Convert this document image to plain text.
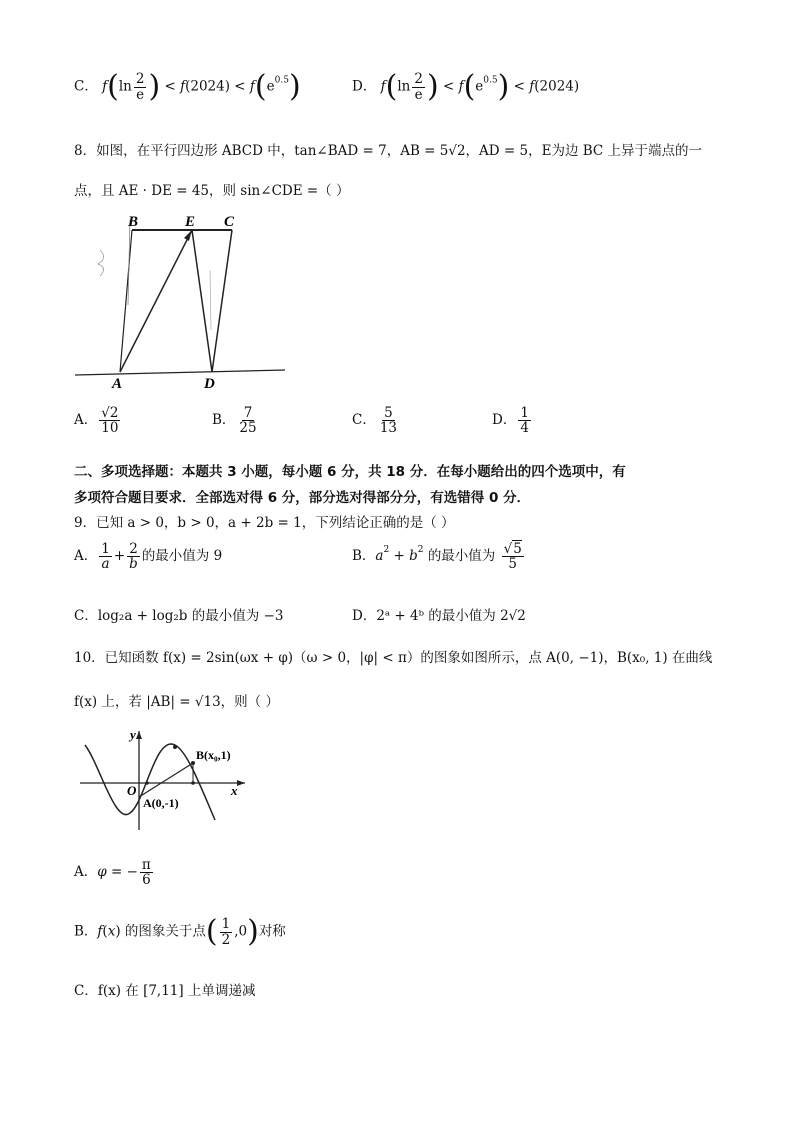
C． $f(\ln \frac{2}{e}$ ) < $f(2024) < f(e^{0.5})$	D． $f(\ln \frac{2}{e}$ ) < $f(e^{0.5}) < f(2024)$
8．如图，在平行四边形 ABCD 中，tan∠BAD = 7，AB = 5√2，AD = 5，E为边 BC 上异于端点的一
点，且 AE · DE = 45，则 sin∠CDE =（ ）
B	E C
A	D
A． $\frac{√2}{10}$	B． $\frac{7}{25}$	C． $\frac{5}{13}$	D． $\frac{1}{4}$
二、多项选择题：本题共 3 小题，每小题 6 分，共 18 分．在每小题给出的四个选项中，有
多项符合题目要求．全部选对得 6 分，部分选对得部分分，有选错得 0 分．
9．已知 a > 0，b > 0，a + 2b = 1，下列结论正确的是（ ）
A． $\frac{1}{a} + \frac{2}{b}$ 的最小值为 9	B．$a^2 + b^2$ 的最小值为 $\frac{√5}{5}$
C．log₂a + log₂b 的最小值为 −3	D．2ᵃ + 4ᵇ 的最小值为 2√2
10．已知函数 f(x) = 2sin(ωx + φ)（ω > 0，|φ| < π）的图象如图所示，点 A(0, −1)，B(x₀, 1) 在曲线
f(x) 上，若 |AB| = √13，则（ ）
y
x
O
A(0,-1)
B(x₀,1)
A．φ = − $\frac{\pi}{6}$
B．f(x) 的图象关于点( $\frac{1}{2} ,0$)对称
C．f(x) 在 [7,11] 上单调递减
